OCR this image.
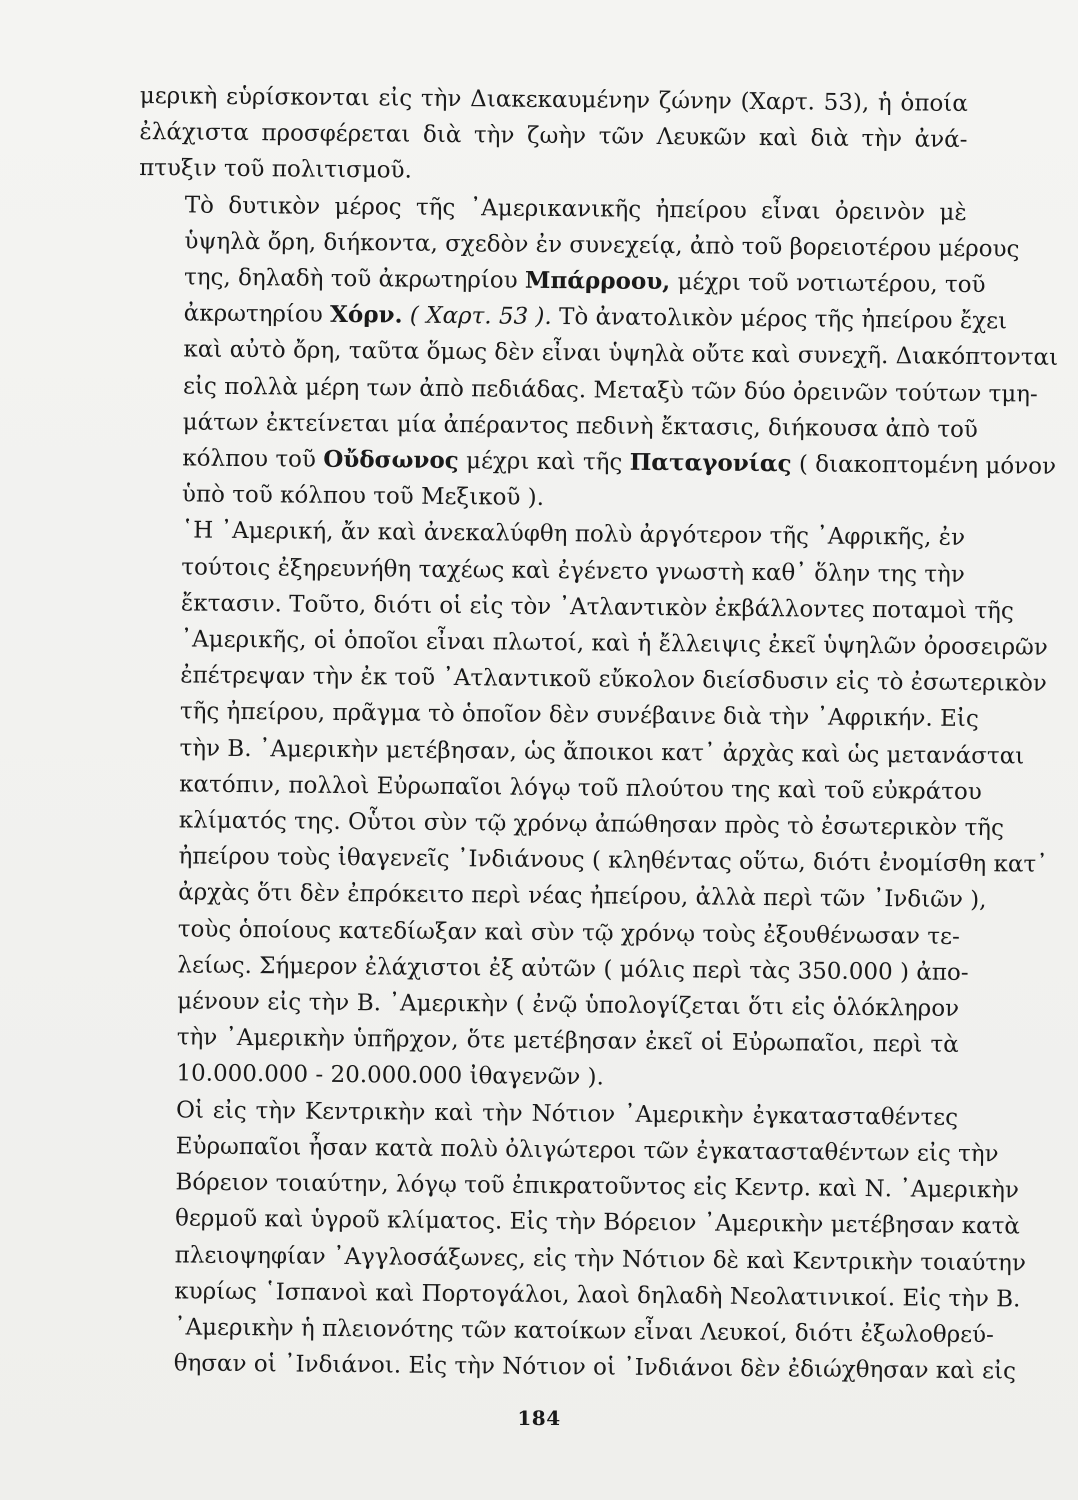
μερικὴ εὑρίσκονται εἰς τὴν Διακεκαυμένην ζώνην (Χαρτ. 53), ἡ ὁποία
ἐλάχιστα προσφέρεται διὰ τὴν ζωὴν τῶν Λευκῶν καὶ διὰ τὴν ἀνά-
πτυξιν τοῦ πολιτισμοῦ.
Τὸ δυτικὸν μέρος τῆς ᾿Αμερικανικῆς ἠπείρου εἶναι ὀρεινὸν μὲ
ὑψηλὰ ὄρη, διήκοντα, σχεδὸν ἐν συνεχείᾳ, ἀπὸ τοῦ βορειοτέρου μέρους
της, δηλαδὴ τοῦ ἀκρωτηρίου Μπάρροου, μέχρι τοῦ νοτιωτέρου, τοῦ
ἀκρωτηρίου Χόρν. ( Χαρτ. 53 ). Τὸ ἀνατολικὸν μέρος τῆς ἠπείρου ἔχει
καὶ αὐτὸ ὄρη, ταῦτα ὅμως δὲν εἶναι ὑψηλὰ οὔτε καὶ συνεχῆ. Διακόπτονται
εἰς πολλὰ μέρη των ἀπὸ πεδιάδας. Μεταξὺ τῶν δύο ὀρεινῶν τούτων τμη-
μάτων ἐκτείνεται μία ἀπέραντος πεδινὴ ἔκτασις, διήκουσα ἀπὸ τοῦ
κόλπου τοῦ Οὔδσωνος μέχρι καὶ τῆς Παταγονίας ( διακοπτομένη μόνον
ὑπὸ τοῦ κόλπου τοῦ Μεξικοῦ ).
῾Η ᾿Αμερική, ἄν καὶ ἀνεκαλύφθη πολὺ ἀργότερον τῆς ᾿Αφρικῆς, ἐν
τούτοις ἐξηρευνήθη ταχέως καὶ ἐγένετο γνωστὴ καθ᾿ ὅλην της τὴν
ἔκτασιν. Τοῦτο, διότι οἱ εἰς τὸν ᾿Ατλαντικὸν ἐκβάλλοντες ποταμοὶ τῆς
᾿Αμερικῆς, οἱ ὁποῖοι εἶναι πλωτοί, καὶ ἡ ἔλλειψις ἐκεῖ ὑψηλῶν ὀροσειρῶν
ἐπέτρεψαν τὴν ἐκ τοῦ ᾿Ατλαντικοῦ εὔκολον διείσδυσιν εἰς τὸ ἐσωτερικὸν
τῆς ἠπείρου, πρᾶγμα τὸ ὁποῖον δὲν συνέβαινε διὰ τὴν ᾿Αφρικήν. Εἰς
τὴν Β. ᾿Αμερικὴν μετέβησαν, ὡς ἄποικοι κατ᾿ ἀρχὰς καὶ ὡς μετανάσται
κατόπιν, πολλοὶ Εὐρωπαῖοι λόγῳ τοῦ πλούτου της καὶ τοῦ εὐκράτου
κλίματός της. Οὗτοι σὺν τῷ χρόνῳ ἀπώθησαν πρὸς τὸ ἐσωτερικὸν τῆς
ἠπείρου τοὺς ἰθαγενεῖς ᾿Ινδιάνους ( κληθέντας οὕτω, διότι ἐνομίσθη κατ᾿
ἀρχὰς ὅτι δὲν ἐπρόκειτο περὶ νέας ἠπείρου, ἀλλὰ περὶ τῶν ᾿Ινδιῶν ),
τοὺς ὁποίους κατεδίωξαν καὶ σὺν τῷ χρόνῳ τοὺς ἐξουθένωσαν τε-
λείως. Σήμερον ἐλάχιστοι ἐξ αὐτῶν ( μόλις περὶ τὰς 350.000 ) ἀπο-
μένουν εἰς τὴν Β. ᾿Αμερικὴν ( ἐνῷ ὑπολογίζεται ὅτι εἰς ὁλόκληρον
τὴν ᾿Αμερικὴν ὑπῆρχον, ὅτε μετέβησαν ἐκεῖ οἱ Εὐρωπαῖοι, περὶ τὰ
10.000.000 - 20.000.000 ἰθαγενῶν ).
Οἱ εἰς τὴν Κεντρικὴν καὶ τὴν Νότιον ᾿Αμερικὴν ἐγκατασταθέντες
Εὐρωπαῖοι ἦσαν κατὰ πολὺ ὀλιγώτεροι τῶν ἐγκατασταθέντων εἰς τὴν
Βόρειον τοιαύτην, λόγῳ τοῦ ἐπικρατοῦντος εἰς Κεντρ. καὶ Ν. ᾿Αμερικὴν
θερμοῦ καὶ ὑγροῦ κλίματος. Εἰς τὴν Βόρειον ᾿Αμερικὴν μετέβησαν κατὰ
πλειοψηφίαν ᾿Αγγλοσάξωνες, εἰς τὴν Νότιον δὲ καὶ Κεντρικὴν τοιαύτην
κυρίως ῾Ισπανοὶ καὶ Πορτογάλοι, λαοὶ δηλαδὴ Νεολατινικοί. Εἰς τὴν Β.
᾿Αμερικὴν ἡ πλειονότης τῶν κατοίκων εἶναι Λευκοί, διότι ἐξωλοθρεύ-
θησαν οἱ ᾿Ινδιάνοι. Εἰς τὴν Νότιον οἱ ᾿Ινδιάνοι δὲν ἐδιώχθησαν καὶ εἰς
184
